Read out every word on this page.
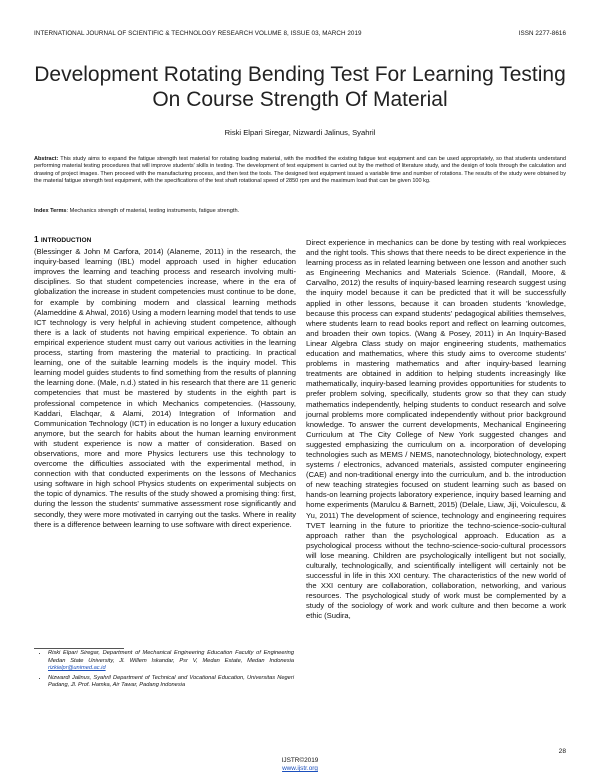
INTERNATIONAL JOURNAL OF SCIENTIFIC & TECHNOLOGY RESEARCH VOLUME 8, ISSUE 03, MARCH 2019	ISSN 2277-8616
Development Rotating Bending Test For Learning Testing On Course Strength Of Material
Riski Elpari Siregar, Nizwardi Jalinus, Syahril
Abstract: This study aims to expand the fatigue strength test material for rotating loading material, with the modified the existing fatigue test equipment and can be used appropriately, so that students understand performing material testing procedures that will improve students' skills in testing. The development of test equipment is carried out by the method of literature study, and the design of tools through the calculation and drawing of project images. Then proceed with the manufacturing process, and then test the tools. The designed test equipment issued a variable time and number of rotations. The results of the study were obtained by the material fatigue strength test equipment, with the specifications of the test shaft rotational speed of 2850 rpm and the maximum load that can be given 100 kg.
Index Terms: Mechanics strength of material, testing instruments, fatigue strength.
1 INTRODUCTION
(Blessinger & John M Carfora, 2014) (Alaneme, 2011) in the research, the inquiry-based learning (IBL) model approach used in higher education improves the learning and teaching process and research involving multi-disciplines. So that student competencies increase, where in the era of globalization the increase in student competencies must continue to be done, for example by combining modern and classical learning methods (Alameddine & Ahwal, 2016) Using a modern learning model that tends to use ICT technology is very helpful in achieving student competence, although there is a lack of students not having empirical experience. To obtain an empirical experience student must carry out various activities in the learning process, starting from mastering the material to practicing. In practical learning, one of the suitable learning models is the inquiry model. This learning model guides students to find something from the results of planning the learning done. (Male, n.d.) stated in his research that there are 11 generic competencies that must be mastered by students in the eighth part is professional competence in which Mechanics competencies. (Hassouny, Kaddari, Elachqar, & Alami, 2014) Integration of Information and Communication Technology (ICT) in education is no longer a luxury education anymore, but the search for habits about the human learning environment with student experience is now a matter of consideration. Based on observations, more and more Physics lecturers use this technology to overcome the difficulties associated with the experimental method, in connection with that conducted experiments on the lessons of Mechanics using software in high school Physics students on experimental subjects on the topic of dynamics. The results of the study showed a promising thing: first, during the lesson the students' summative assessment rose significantly and secondly, they were more motivated in carrying out the tasks. Where in reality there is a difference between learning to use software with direct experience.
Direct experience in mechanics can be done by testing with real workpieces and the right tools. This shows that there needs to be direct experience in the learning process as in related learning between one lesson and another such as Engineering Mechanics and Materials Science. (Randall, Moore, & Carvalho, 2012) the results of inquiry-based learning research suggest using the inquiry model because it can be predicted that it will be successfully applied in other lessons, because it can broaden students 'knowledge, because this process can expand students' pedagogical abilities themselves, where students learn to read books report and reflect on learning outcomes, and broaden their own topics. (Wang & Posey, 2011) in An Inquiry-Based Linear Algebra Class study on major engineering students, mathematics education and mathematics, where this study aims to overcome students' problems in mastering mathematics and after inquiry-based learning treatments are obtained in addition to helping students increasingly like mathematically, inquiry-based learning provides opportunities for students to prefer problem solving, specifically, students grow so that they can study mathematics independently, helping students to conduct research and solve journal problems more complicated independently without prior background knowledge. To answer the current developments, Mechanical Engineering Curriculum at The City College of New York suggested changes and suggested emphasizing the curriculum on a. incorporation of developing technologies such as MEMS / NEMS, nanotechnology, biotechnology, expert systems / electronics, advanced materials, assisted computer engineering (CAE) and non-traditional energy into the curriculum, and b. the introduction of new teaching strategies focused on student learning such as based on hands-on learning projects laboratory experience, inquiry based learning and home experiments (Marulcu & Barnett, 2015) (Delale, Liaw, Jiji, Voiculescu, & Yu, 2011) The development of science, technology and engineering requires TVET learning in the future to prioritize the techno-science-socio-cultural approach rather than the psychological approach. Education as a psychological process without the techno-science-socio-cultural processors will lose meaning. Children are psychologically intelligent but not socially, culturally, technologically, and scientifically intelligent will certainly not be successful in life in this XXI century. The characteristics of the new world of the XXI century are collaboration, collaboration, networking, and various resources. The psychological study of work must be complemented by a study of the sociology of work and work culture and then become a work ethic (Sudira,
• Riski Elpari Siregar, Department of Mechanical Engineering Education Faculty of Engineering Medan State University, Jl. Willem Iskandar, Psr V, Medan Estate, Medan Indonesia rizkielpr@unimed.ac.id
• Nizwardi Jalinus, Syahril Department of Technical and Vocational Education, Universitas Negeri Padang, Jl. Prof. Hamka, Air Tawar, Padang Indonesia
28
IJSTR©2019
www.ijstr.org
